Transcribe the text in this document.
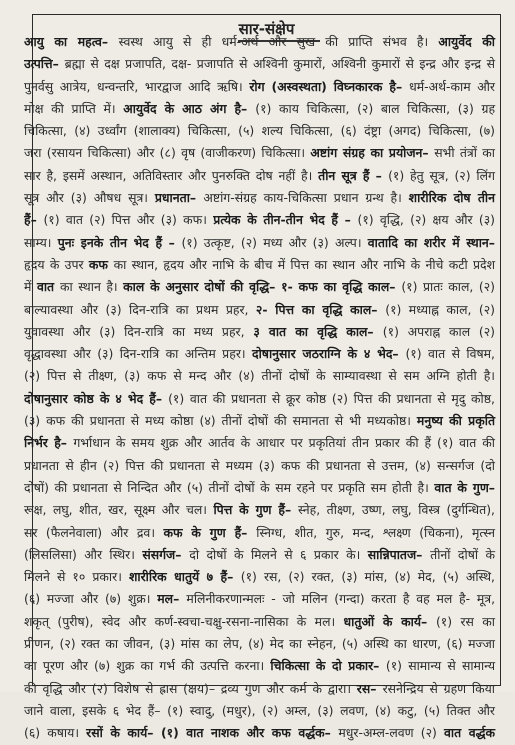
सार-संक्षेप
आयु का महत्व– स्वस्थ आयु से ही धर्म-अर्थ और सुख की प्राप्ति संभव है। आयुर्वेद की
उत्पत्ति– ब्रह्मा से दक्ष प्रजापति, दक्ष- प्रजापति से अश्विनी कुमारों, अश्विनी कुमारों से इन्द्र और इन्द्र से
पुनर्वसु आत्रेय, धन्वन्तरि, भारद्वाज आदि ऋषि। रोग (अस्वस्थता) विघ्नकारक है– धर्म-अर्थ-काम और
मोक्ष की प्राप्ति में। आयुर्वेद के आठ अंग है– (१) काय चिकित्सा, (२) बाल चिकित्सा, (३) ग्रह
चिकित्सा, (४) उर्ध्वांग (शालाक्य) चिकित्सा, (५) शल्य चिकित्सा, (६) दंष्ट्रा (अगद) चिकित्सा, (७)
जरा (रसायन चिकित्सा) और (८) वृष (वाजीकरण) चिकित्सा। अष्टांग संग्रह का प्रयोजन– सभी तंत्रों का
सार है, इसमें अस्थान, अतिविस्तार और पुनरुक्ति दोष नहीं है। तीन सूत्र हैं – (१) हेतु सूत्र, (२) लिंग
सूत्र और (३) औषध सूत्र। प्रधानता– अष्टांग-संग्रह काय-चिकित्सा प्रधान ग्रन्थ है। शारीरिक दोष तीन
हैं– (१) वात (२) पित्त और (३) कफ। प्रत्येक के तीन-तीन भेद हैं – (१) वृद्धि, (२) क्षय और (३)
साम्य। पुनः इनके तीन भेद हैं – (१) उत्कृष्ट, (२) मध्य और (३) अल्प। वातादि का शरीर में स्थान–
हृदय के उपर कफ का स्थान, हृदय और नाभि के बीच में पित्त का स्थान और नाभि के नीचे कटी प्रदेश
में वात का स्थान है। काल के अनुसार दोषों की वृद्धि– १- कफ का वृद्धि काल– (१) प्रातः काल, (२)
बाल्यावस्था और (३) दिन-रात्रि का प्रथम प्रहर, २- पित्त का वृद्धि काल– (१) मध्याह्न काल, (२)
युवावस्था और (३) दिन-रात्रि का मध्य प्रहर, ३ वात का वृद्धि काल– (१) अपराह्न काल (२)
वृद्धावस्था और (३) दिन-रात्रि का अन्तिम प्रहर। दोषानुसार जठराग्नि के ४ भेद– (१) वात से विषम,
(२) पित्त से तीक्ष्ण, (३) कफ से मन्द और (४) तीनों दोषों के साम्यावस्था से सम अग्नि होती है।
दोषानुसार कोष्ठ के ४ भेद हैं– (१) वात की प्रधानता से क्रूर कोष्ठ (२) पित्त की प्रधानता से मृदु कोष्ठ,
(३) कफ की प्रधानता से मध्य कोष्ठा (४) तीनों दोषों की समानता से भी मध्यकोष्ठ। मनुष्य की प्रकृति
निर्भर है– गर्भाधान के समय शुक्र और आर्तव के आधार पर प्रकृतियां तीन प्रकार की हैं (१) वात की
प्रधानता से हीन (२) पित्त की प्रधानता से मध्यम (३) कफ की प्रधानता से उत्तम, (४) सन्सर्गज (दो
दोषों) की प्रधानता से निन्दित और (५) तीनों दोषों के सम रहने पर प्रकृति सम होती है। वात के गुण–
रूक्ष, लघु, शीत, खर, सूक्ष्म और चल। पित्त के गुण हैं– स्नेह, तीक्ष्ण, उष्ण, लघु, विस्त्र (दुर्गन्धित),
सर (फैलनेवाला) और द्रव। कफ के गुण हैं– स्निग्ध, शीत, गुरु, मन्द, श्लक्ष्ण (चिकना), मृत्स्न
(लिसलिसा) और स्थिर। संसर्गज– दो दोषों के मिलने से ६ प्रकार के। सान्निपातज– तीनों दोषों के
मिलने से १० प्रकार। शारीरिक धातुयें ७ हैं– (१) रस, (२) रक्त, (३) मांस, (४) मेद, (५) अस्थि,
(६) मज्जा और (७) शुक्र। मल– मलिनीकरणान्मलः - जो मलिन (गन्दा) करता है वह मल है- मूत्र,
शकृत् (पुरीष), स्वेद और कर्ण-स्वचा-चक्षु-रसना-नासिका के मल। धातुओं के कार्य– (१) रस का
प्रीणन, (२) रक्त का जीवन, (३) मांस का लेप, (४) मेद का स्नेहन, (५) अस्थि का धारण, (६) मज्जा
का पूरण और (७) शुक्र का गर्भ की उत्पत्ति करना। चिकित्सा के दो प्रकार– (१) सामान्य से सामान्य
की वृद्धि और (२) विशेष से ह्रास (क्षय)– द्रव्य गुण और कर्म के द्वारा। रस– रसनेन्द्रिय से ग्रहण किया
जाने वाला, इसके ६ भेद हैं– (१) स्वादु, (मधुर), (२) अम्ल, (३) लवण, (४) कटु, (५) तिक्त और
(६) कषाय। रसों के कार्य– (१) वात नाशक और कफ वर्द्धक– मधुर-अम्ल-लवण (२) वात वर्द्धक
